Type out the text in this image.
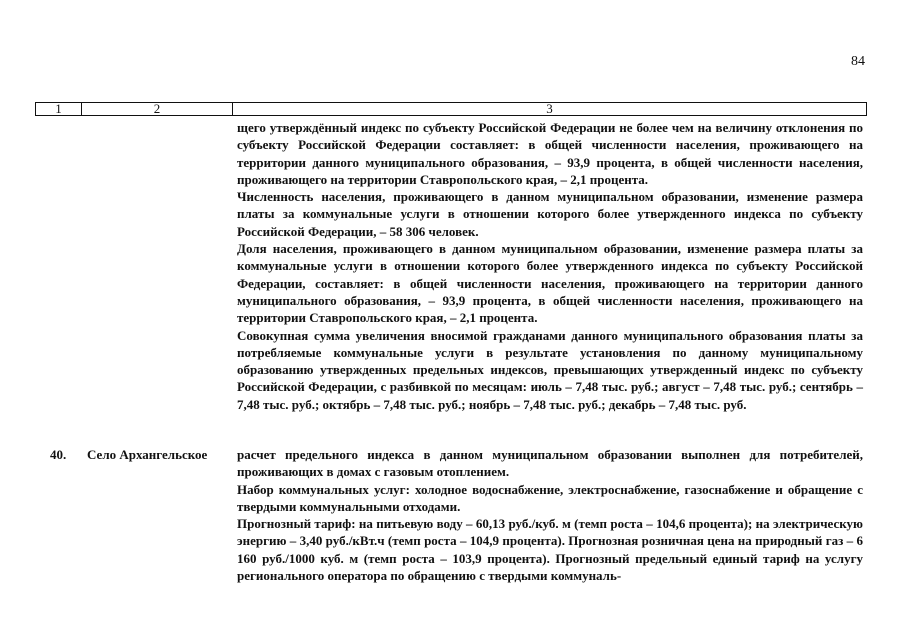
84
1	2	3

щего утверждённый индекс по субъекту Российской Федерации не более чем на величину отклонения по субъекту Российской Федерации составляет: в общей численности населения, проживающего на территории данного муниципального образования, – 93,9 процента, в общей численности населения, проживающего на территории Ставропольского края, – 2,1 процента.

Численность населения, проживающего в данном муниципальном образовании, изменение размера платы за коммунальные услуги в отношении которого более утвержденного индекса по субъекту Российской Федерации, – 58 306 человек.

Доля населения, проживающего в данном муниципальном образовании, изменение размера платы за коммунальные услуги в отношении которого более утвержденного индекса по субъекту Российской Федерации, составляет: в общей численности населения, проживающего на территории данного муниципального образования, – 93,9 процента, в общей численности населения, проживающего на территории Ставропольского края, – 2,1 процента.

Совокупная сумма увеличения вносимой гражданами данного муниципального образования платы за потребляемые коммунальные услуги в результате установления по данному муниципальному образованию утвержденных предельных индексов, превышающих утвержденный индекс по субъекту Российской Федерации, с разбивкой по месяцам: июль – 7,48 тыс. руб.; август – 7,48 тыс. руб.; сентябрь – 7,48 тыс. руб.; октябрь – 7,48 тыс. руб.; ноябрь – 7,48 тыс. руб.; декабрь – 7,48 тыс. руб.

40. Село Архангельское расчет предельного индекса в данном муниципальном образовании выполнен для потребителей, проживающих в домах с газовым отоплением.

Набор коммунальных услуг: холодное водоснабжение, электроснабжение, газоснабжение и обращение с твердыми коммунальными отходами.

Прогнозный тариф: на питьевую воду – 60,13 руб./куб. м (темп роста – 104,6 процента); на электрическую энергию – 3,40 руб./кВт.ч (темп роста – 104,9 процента). Прогнозная розничная цена на природный газ – 6 160 руб./1000 куб. м (темп роста – 103,9 процента). Прогнозный предельный единый тариф на услугу регионального оператора по обращению с твердыми коммуналь-
